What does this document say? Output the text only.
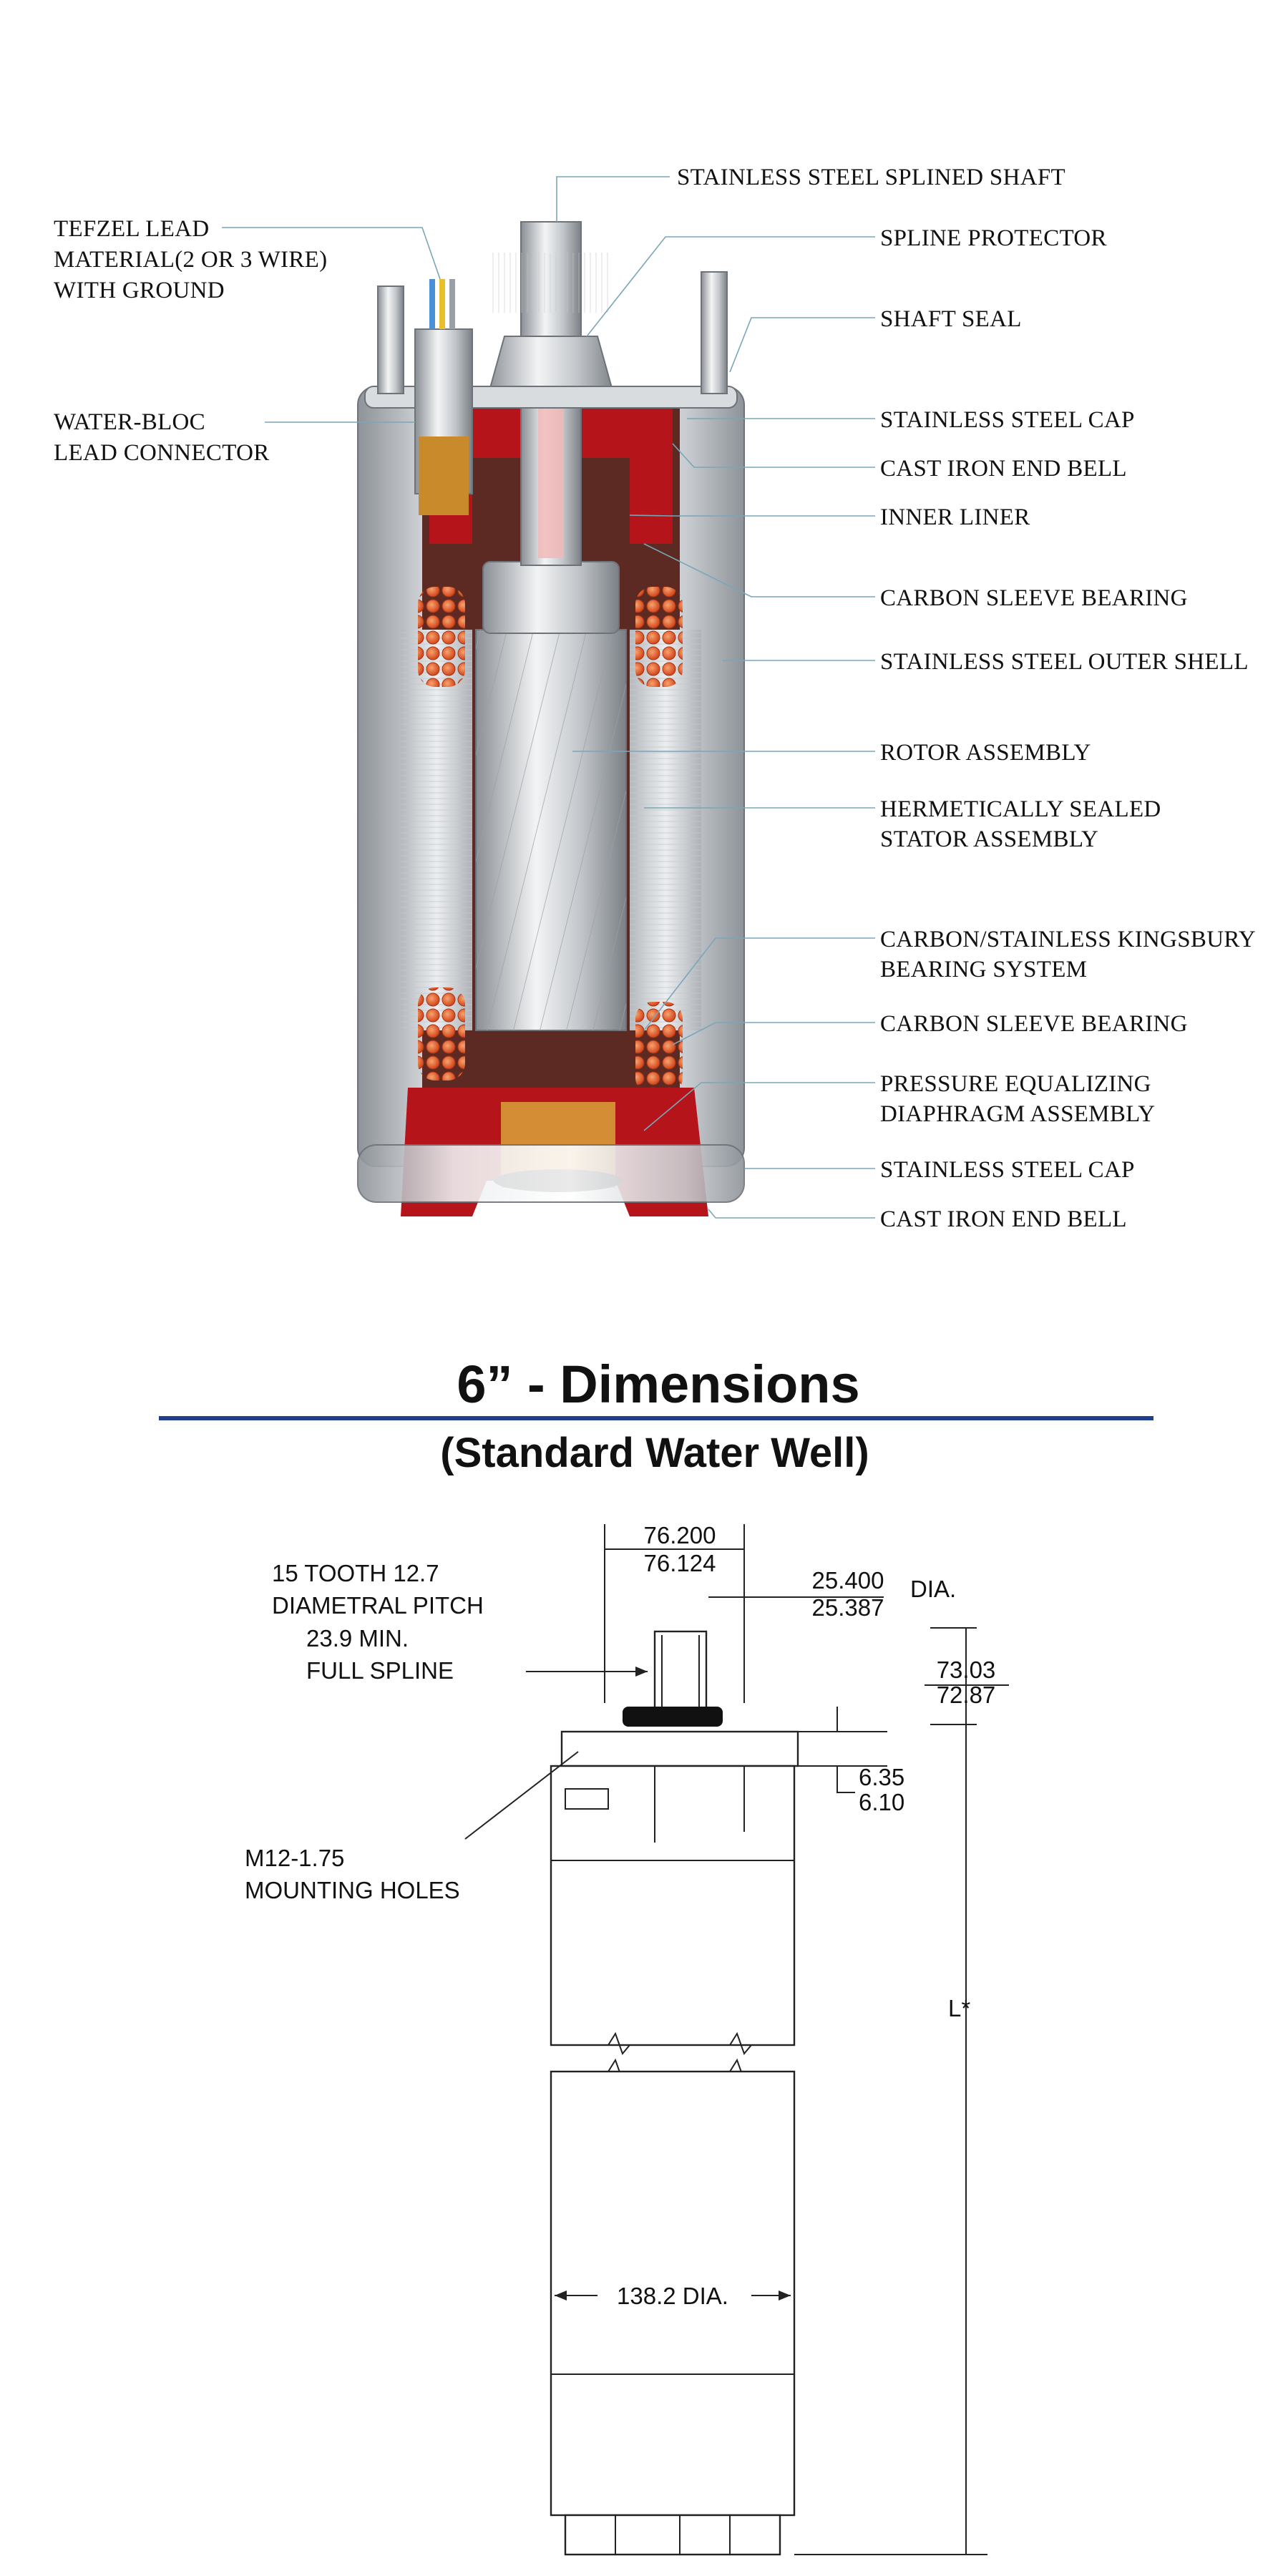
TEFZEL LEAD MATERIAL(2 OR 3 WIRE) WITH GROUND
WATER-BLOC LEAD CONNECTOR
STAINLESS STEEL SPLINED SHAFT
SPLINE PROTECTOR
SHAFT SEAL
STAINLESS STEEL CAP
CAST IRON END BELL
INNER LINER
CARBON SLEEVE BEARING
STAINLESS STEEL OUTER SHELL
ROTOR ASSEMBLY
HERMETICALLY SEALED STATOR ASSEMBLY
CARBON/STAINLESS KINGSBURY BEARING SYSTEM
CARBON SLEEVE BEARING
PRESSURE EQUALIZING DIAPHRAGM ASSEMBLY
STAINLESS STEEL CAP
CAST IRON END BELL
6” - Dimensions
(Standard Water Well)
15 TOOTH 12.7 DIAMETRAL PITCH 23.9 MIN. FULL SPLINE
76.200
76.124
25.400
25.387
DIA.
73.03
72.87
6.35
6.10
M12-1.75 MOUNTING HOLES
L*
138.2 DIA.
